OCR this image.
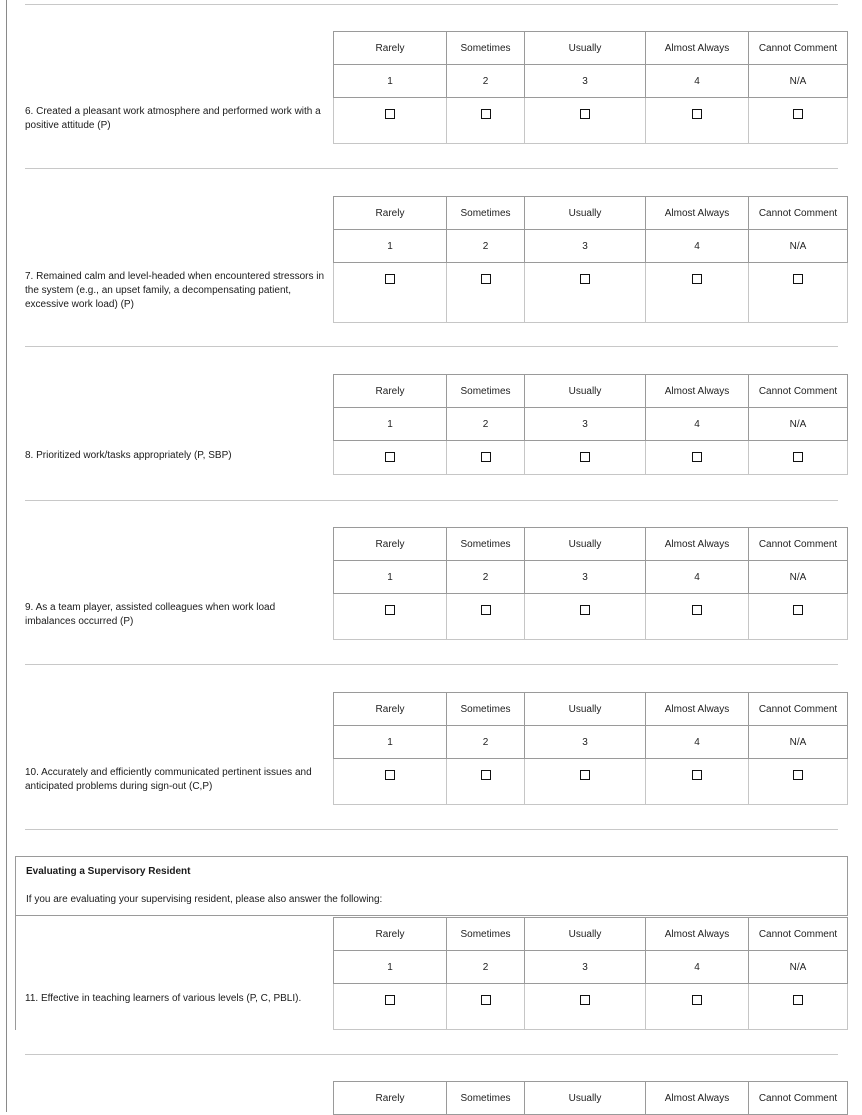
6. Created a pleasant work atmosphere and performed work with a positive attitude (P)
Rarely	Sometimes	Usually	Almost Always	Cannot Comment
1	2	3	4	N/A

7. Remained calm and level-headed when encountered stressors in the system (e.g., an upset family, a decompensating patient, excessive work load) (P)
Rarely	Sometimes	Usually	Almost Always	Cannot Comment
1	2	3	4	N/A

8. Prioritized work/tasks appropriately (P, SBP)
Rarely	Sometimes	Usually	Almost Always	Cannot Comment
1	2	3	4	N/A

9. As a team player, assisted colleagues when work load imbalances occurred (P)
Rarely	Sometimes	Usually	Almost Always	Cannot Comment
1	2	3	4	N/A

10. Accurately and efficiently communicated pertinent issues and anticipated problems during sign-out (C,P)
Rarely	Sometimes	Usually	Almost Always	Cannot Comment
1	2	3	4	N/A

Evaluating a Supervisory Resident
If you are evaluating your supervising resident, please also answer the following:
11. Effective in teaching learners of various levels (P, C, PBLI).
Rarely	Sometimes	Usually	Almost Always	Cannot Comment
1	2	3	4	N/A

Rarely	Sometimes	Usually	Almost Always	Cannot Comment
